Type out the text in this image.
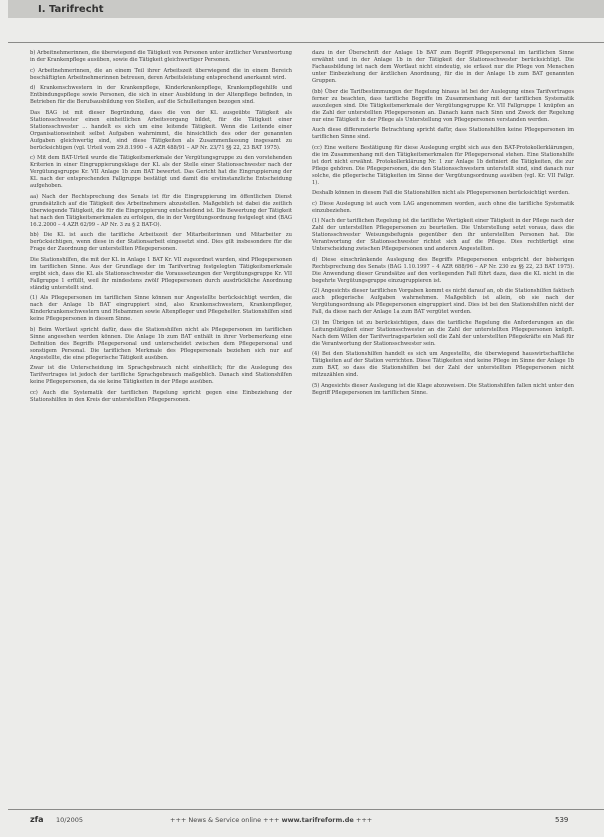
I. Tarifrecht

b) Arbeitnehmerinnen, die überwiegend die Tätigkeit von Personen unter ärztlicher Verantwortung in der Krankenpflege ausüben, sowie die Tätigkeit gleichwertiger Personen.

c) Arbeitnehmerinnen, die an einem Teil ihrer Arbeitszeit überwiegend die in einem Bereich beschäftigten Arbeitnehmerinnen betreuen, deren Arbeitsleistung entsprechend anerkannt wird.

d) Krankenschwestern in der Krankenpflege, Kinderkrankenpflege, Krankenpflegehilfe und Entbindungspflege sowie Personen, die sich in einer Ausbildung in der Altenpflege befinden, in Betrieben für die Berufsausbildung von Stellen, auf die Schulleitungen bezogen sind.

Das BAG ist mit dieser Begründung, dass die von der KL ausgeübte Tätigkeit als Stationsschwester einen einheitlichen Arbeitsvorgang bildet, für die Tätigkeit einer Stationsschwester ... handelt es sich um eine leitende Tätigkeit. Wenn die Leitende einer Organisationseinheit selbst Aufgaben wahrnimmt, die hinsichtlich des oder der genannten Aufgaben gleichwertig sind, sind diese Tätigkeiten als Zusammenfassung insgesamt zu berücksichtigen (vgl. Urteil vom 29.8.1990 – 4 AZR 488/91 – AP Nr. 23/71 §§ 22, 23 BAT 1975).

c) Mit dem BAT-Urteil wurde die Tätigkeitsmerkmale der Vergütungsgruppe zu den vorstehenden Kriterien in einer Eingruppierungsklage der KL als der Stelle einer Stationsschwester nach der Vergütungsgruppe Kr. VII Anlage 1b zum BAT bewertet. Das Gericht hat die Eingruppierung der KL nach der entsprechenden Fallgruppe bestätigt und damit die erstinstanzliche Entscheidung aufgehoben.

aa) Nach der Rechtsprechung des Senats ist für die Eingruppierung im öffentlichen Dienst grundsätzlich auf die Tätigkeit des Arbeitnehmers abzustellen. Maßgeblich ist dabei die zeitlich überwiegende Tätigkeit, die für die Eingruppierung entscheidend ist. Die Bewertung der Tätigkeit hat nach den Tätigkeitsmerkmalen zu erfolgen, die in der Vergütungsordnung festgelegt sind (BAG 16.2.2000 – 4 AZR 62/99 – AP Nr. 3 zu § 2 BAT-O).

bb) Die KL ist auch die tarifliche Arbeitszeit der Mitarbeiterinnen und Mitarbeiter zu berücksichtigen, wenn diese in der Stationsarbeit eingesetzt sind. Dies gilt insbesondere für die Frage der Zuordnung der unterstellten Pflegepersonen.

Die Stationshilfen, die mit der KL in Anlage 1 BAT Kr. VII zugeordnet wurden, sind Pflegepersonen im tariflichen Sinne. Aus der Grundlage der im Tarifvertrag festgelegten Tätigkeitsmerkmale ergibt sich, dass die KL als Stationsschwester die Voraussetzungen der Vergütungsgruppe Kr. VII Fallgruppe 1 erfüllt, weil ihr mindestens zwölf Pflegepersonen durch ausdrückliche Anordnung ständig unterstellt sind.

(1) Als Pflegepersonen im tariflichen Sinne können nur Angestellte berücksichtigt werden, die nach der Anlage 1b BAT eingruppiert sind, also Krankenschwestern, Krankenpfleger, Kinderkrankenschwestern und Hebammen sowie Altenpfleger und Pflegehelfer. Stationshilfen sind keine Pflegepersonen in diesem Sinne.

b) Beim Wortlaut spricht dafür, dass die Stationshilfen nicht als Pflegepersonen im tariflichen Sinne angesehen werden können. Die Anlage 1b zum BAT enthält in ihrer Vorbemerkung eine Definition des Begriffs Pflegepersonal und unterscheidet zwischen dem Pflegepersonal und sonstigem Personal. Die tariflichen Merkmale des Pflegepersonals beziehen sich nur auf Angestellte, die eine pflegerische Tätigkeit ausüben.

Zwar ist die Unterscheidung im Sprachgebrauch nicht einheitlich; für die Auslegung des Tarifvertrages ist jedoch der tarifliche Sprachgebrauch maßgeblich. Danach sind Stationshilfen keine Pflegepersonen, da sie keine Tätigkeiten in der Pflege ausüben.

cc) Auch die Systematik der tariflichen Regelung spricht gegen eine Einbeziehung der Stationshilfen in den Kreis der unterstellten Pflegepersonen.

dazu in der Überschrift der Anlage 1b BAT zum Begriff Pflegepersonal im tariflichen Sinne erwähnt und in der Anlage 1b in der Tätigkeit der Stationsschwester berücksichtigt. Die Fachausbildung ist nach dem Wortlaut nicht eindeutig, sie erfasst nur die Pflege von Menschen unter Einbeziehung der ärztlichen Anordnung, für die in der Anlage 1b zum BAT genannten Gruppen.

(bb) Über die Tarifbestimmungen der Regelung hinaus ist bei der Auslegung eines Tarifvertrages ferner zu beachten, dass tarifliche Begriffe im Zusammenhang mit der tariflichen Systematik auszulegen sind. Die Tätigkeitsmerkmale der Vergütungsgruppe Kr. VII Fallgruppe 1 knüpfen an die Zahl der unterstellten Pflegepersonen an. Danach kann nach Sinn und Zweck der Regelung nur eine Tätigkeit in der Pflege als Unterstellung von Pflegepersonen verstanden werden.

Auch diese differenzierte Betrachtung spricht dafür, dass Stationshilfen keine Pflegepersonen im tariflichen Sinne sind.

(cc) Eine weitere Bestätigung für diese Auslegung ergibt sich aus den BAT-Protokollerklärungen, die im Zusammenhang mit den Tätigkeitsmerkmalen für Pflegepersonal stehen. Eine Stationshilfe ist dort nicht erwähnt. Protokollerklärung Nr. 1 zur Anlage 1b definiert die Tätigkeiten, die zur Pflege gehören. Die Pflegepersonen, die den Stationsschwestern unterstellt sind, sind danach nur solche, die pflegerische Tätigkeiten im Sinne der Vergütungsordnung ausüben (vgl. Kr. VII Fallgr. 1).

Deshalb können in diesem Fall die Stationshilfen nicht als Pflegepersonen berücksichtigt werden.

c) Diese Auslegung ist auch vom LAG angenommen worden, auch ohne die tarifliche Systematik einzubeziehen.

(1) Nach der tariflichen Regelung ist die tarifliche Wertigkeit einer Tätigkeit in der Pflege nach der Zahl der unterstellten Pflegepersonen zu beurteilen. Die Unterstellung setzt voraus, dass die Stationsschwester Weisungsbefugnis gegenüber den ihr unterstellten Personen hat. Die Verantwortung der Stationsschwester richtet sich auf die Pflege. Dies rechtfertigt eine Unterscheidung zwischen Pflegepersonen und anderen Angestellten.

d) Diese einschränkende Auslegung des Begriffs Pflegepersonen entspricht der bisherigen Rechtsprechung des Senats (BAG 1.10.1997 – 4 AZR 688/96 – AP Nr. 230 zu §§ 22, 23 BAT 1975). Die Anwendung dieser Grundsätze auf den vorliegenden Fall führt dazu, dass die KL nicht in die begehrte Vergütungsgruppe einzugruppieren ist.

(2) Angesichts dieser tariflichen Vorgaben kommt es nicht darauf an, ob die Stationshilfen faktisch auch pflegerische Aufgaben wahrnehmen. Maßgeblich ist allein, ob sie nach der Vergütungsordnung als Pflegepersonen eingruppiert sind. Dies ist bei den Stationshilfen nicht der Fall, da diese nach der Anlage 1a zum BAT vergütet werden.

(3) Im Übrigen ist zu berücksichtigen, dass die tarifliche Regelung die Anforderungen an die Leitungstätigkeit einer Stationsschwester an die Zahl der unterstellten Pflegepersonen knüpft. Nach dem Willen der Tarifvertragsparteien soll die Zahl der unterstellten Pflegekräfte ein Maß für die Verantwortung der Stationsschwester sein.

(4) Bei den Stationshilfen handelt es sich um Angestellte, die überwiegend hauswirtschaftliche Tätigkeiten auf der Station verrichten. Diese Tätigkeiten sind keine Pflege im Sinne der Anlage 1b zum BAT, so dass die Stationshilfen bei der Zahl der unterstellten Pflegepersonen nicht mitzuzählen sind.

(5) Angesichts dieser Auslegung ist die Klage abzuweisen. Die Stationshilfen fallen nicht unter den Begriff Pflegepersonen im tariflichen Sinne.

zfa 10/2005	+++ News & Service online +++ www.tarifreform.de +++	539
